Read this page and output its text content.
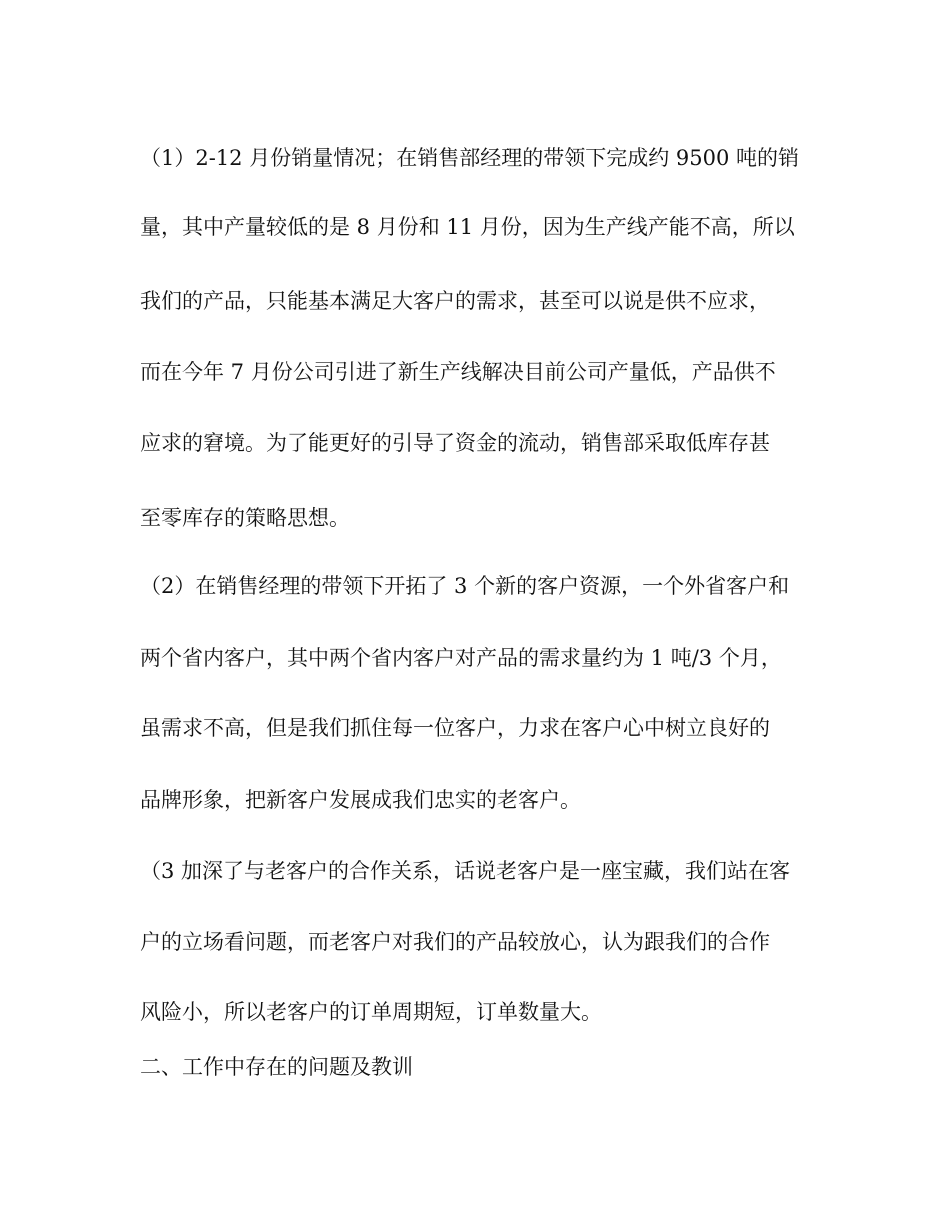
（1）2-12 月份销量情况；在销售部经理的带领下完成约 9500 吨的销
量，其中产量较低的是 8 月份和 11 月份，因为生产线产能不高，所以
我们的产品，只能基本满足大客户的需求，甚至可以说是供不应求，
而在今年 7 月份公司引进了新生产线解决目前公司产量低，产品供不
应求的窘境。为了能更好的引导了资金的流动，销售部采取低库存甚
至零库存的策略思想。
（2）在销售经理的带领下开拓了 3 个新的客户资源，一个外省客户和
两个省内客户，其中两个省内客户对产品的需求量约为 1 吨/3 个月，
虽需求不高，但是我们抓住每一位客户，力求在客户心中树立良好的
品牌形象，把新客户发展成我们忠实的老客户。
（3 加深了与老客户的合作关系，话说老客户是一座宝藏，我们站在客
户的立场看问题，而老客户对我们的产品较放心，认为跟我们的合作
风险小，所以老客户的订单周期短，订单数量大。
二、工作中存在的问题及教训
